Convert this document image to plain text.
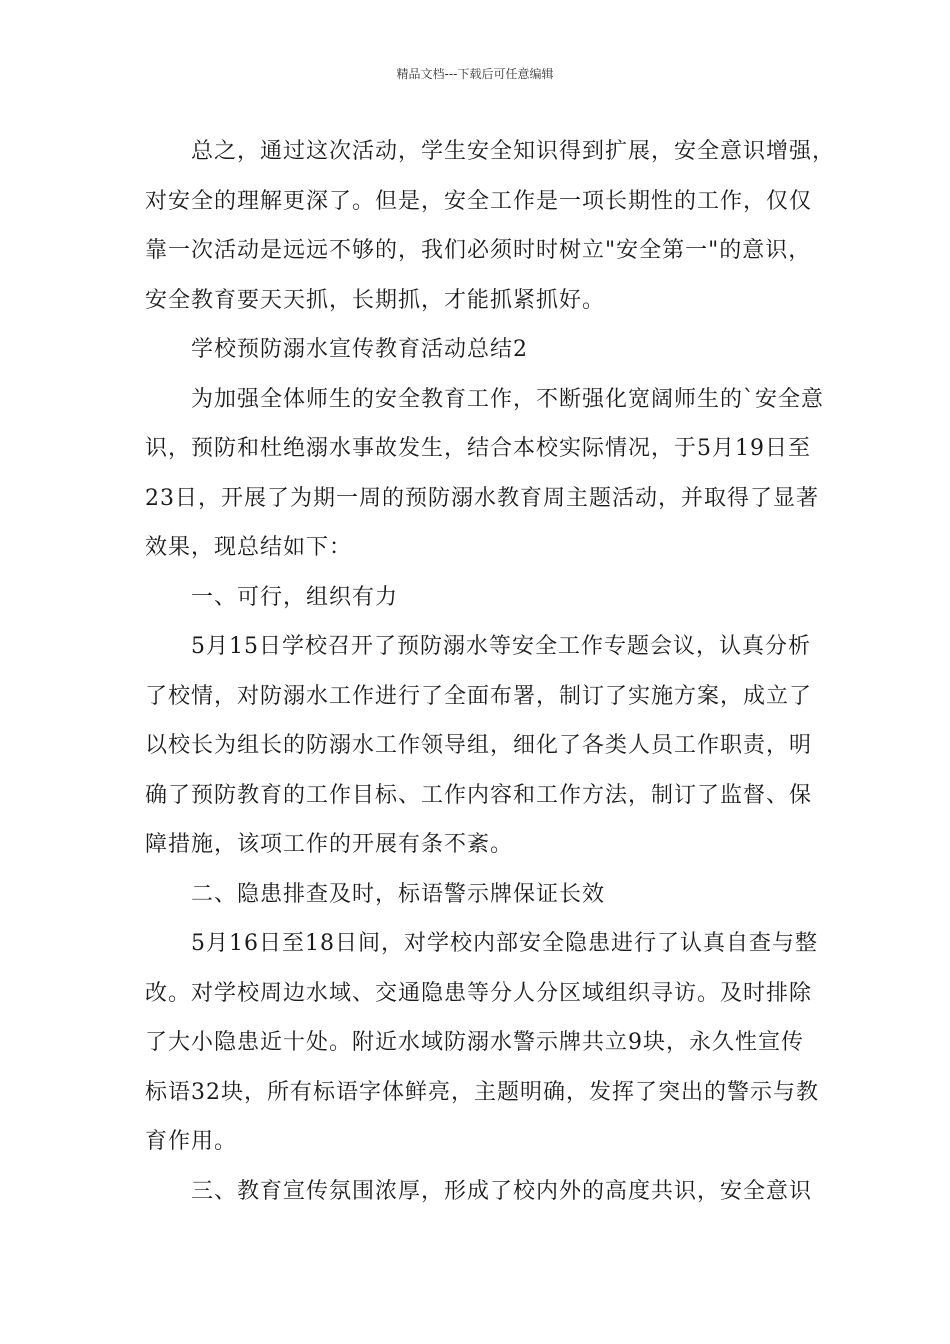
精品文档---下载后可任意编辑
总之，通过这次活动，学生安全知识得到扩展，安全意识增强，
对安全的理解更深了。但是，安全工作是一项长期性的工作，仅仅
靠一次活动是远远不够的，我们必须时时树立"安全第一"的意识，
安全教育要天天抓，长期抓，才能抓紧抓好。
学校预防溺水宣传教育活动总结2
为加强全体师生的安全教育工作，不断强化宽阔师生的`安全意
识，预防和杜绝溺水事故发生，结合本校实际情况，于5月19日至
23日，开展了为期一周的预防溺水教育周主题活动，并取得了显著
效果，现总结如下：
一、可行，组织有力
5月15日学校召开了预防溺水等安全工作专题会议，认真分析
了校情，对防溺水工作进行了全面布署，制订了实施方案，成立了
以校长为组长的防溺水工作领导组，细化了各类人员工作职责，明
确了预防教育的工作目标、工作内容和工作方法，制订了监督、保
障措施，该项工作的开展有条不紊。
二、隐患排查及时，标语警示牌保证长效
5月16日至18日间，对学校内部安全隐患进行了认真自查与整
改。对学校周边水域、交通隐患等分人分区域组织寻访。及时排除
了大小隐患近十处。附近水域防溺水警示牌共立9块，永久性宣传
标语32块，所有标语字体鲜亮，主题明确，发挥了突出的警示与教
育作用。
三、教育宣传氛围浓厚，形成了校内外的高度共识，安全意识
